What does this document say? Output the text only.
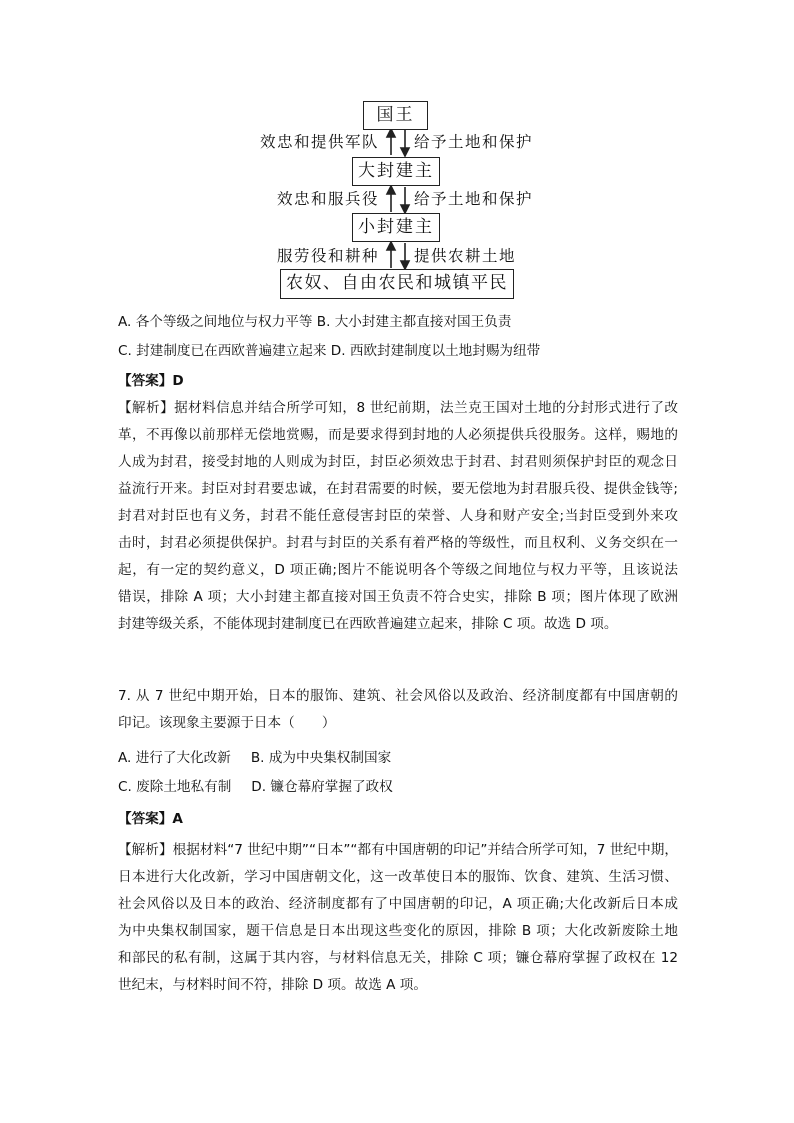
国王
大封建主
小封建主
农奴、自由农民和城镇平民
效忠和提供军队 给予土地和保护
效忠和服兵役 给予土地和保护
服劳役和耕种 提供农耕土地
A. 各个等级之间地位与权力平等 B. 大小封建主都直接对国王负责
C. 封建制度已在西欧普遍建立起来 D. 西欧封建制度以土地封赐为纽带
【答案】D
【解析】据材料信息并结合所学可知，8 世纪前期，法兰克王国对土地的分封形式进行了改
革，不再像以前那样无偿地赏赐，而是要求得到封地的人必须提供兵役服务。这样，赐地的
人成为封君，接受封地的人则成为封臣，封臣必须效忠于封君、封君则须保护封臣的观念日
益流行开来。封臣对封君要忠诚，在封君需要的时候，要无偿地为封君服兵役、提供金钱等;
封君对封臣也有义务，封君不能任意侵害封臣的荣誉、人身和财产安全;当封臣受到外来攻
击时，封君必须提供保护。封君与封臣的关系有着严格的等级性，而且权利、义务交织在一
起，有一定的契约意义，D 项正确;图片不能说明各个等级之间地位与权力平等，且该说法
错误，排除 A 项；大小封建主都直接对国王负责不符合史实，排除 B 项；图片体现了欧洲
封建等级关系，不能体现封建制度已在西欧普遍建立起来，排除 C 项。故选 D 项。
7. 从 7 世纪中期开始，日本的服饰、建筑、社会风俗以及政治、经济制度都有中国唐朝的
印记。该现象主要源于日本（　　）
A. 进行了大化改新 B. 成为中央集权制国家
C. 废除土地私有制 D. 镰仓幕府掌握了政权
【答案】A
【解析】根据材料“7 世纪中期”“日本”“都有中国唐朝的印记”并结合所学可知，7 世纪中期，
日本进行大化改新，学习中国唐朝文化，这一改革使日本的服饰、饮食、建筑、生活习惯、
社会风俗以及日本的政治、经济制度都有了中国唐朝的印记，A 项正确;大化改新后日本成
为中央集权制国家，题干信息是日本出现这些变化的原因，排除 B 项；大化改新废除土地
和部民的私有制，这属于其内容，与材料信息无关，排除 C 项；镰仓幕府掌握了政权在 12
世纪末，与材料时间不符，排除 D 项。故选 A 项。
